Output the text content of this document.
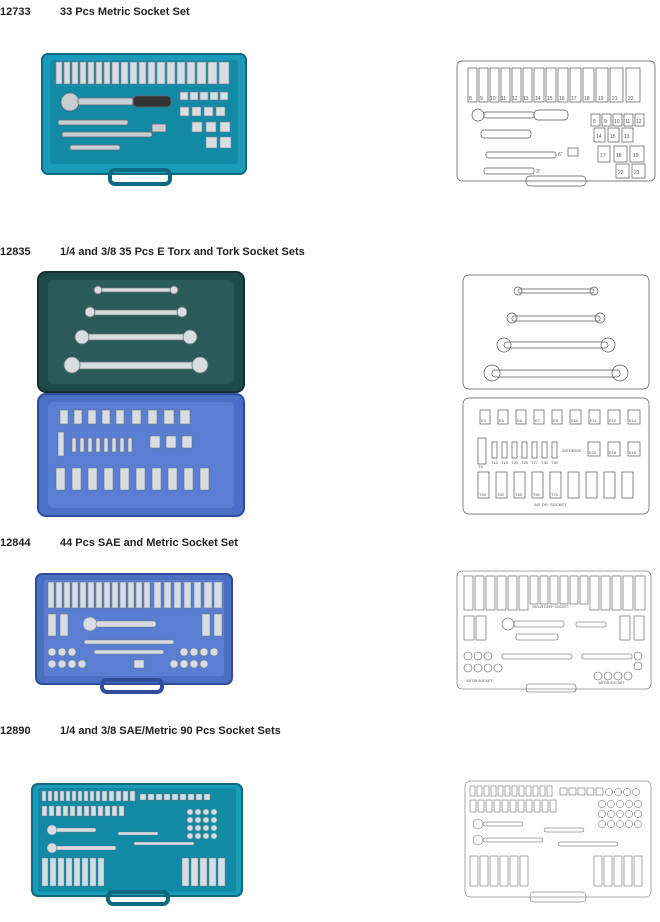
12733	33 Pcs Metric Socket Set
12835	1/4 and 3/8 35 Pcs E Torx and Tork Socket Sets
12844	44 Pcs SAE and Metric Socket Set
12890	1/4 and 3/8 SAE/Metric 90 Pcs Socket Sets
8 9 10 11 12 13 14 15 16 17 18 19 21 22
8 9 10 11 12
14 15 13
17 18 19
22 21
6"
3"
E4	E5	E6	E7	E8	E10	E11	E12	E14
T8
T10 T15 T20 T25 T27 T30 T40
3/8"DRIVE E20	E18	E16
T45	T50	T55	T60	T70
3/8" DR. SOCKET
3/8"DR DEEP SOCKET
3/8"DR SOCKET	3/8"DR SOCKET
